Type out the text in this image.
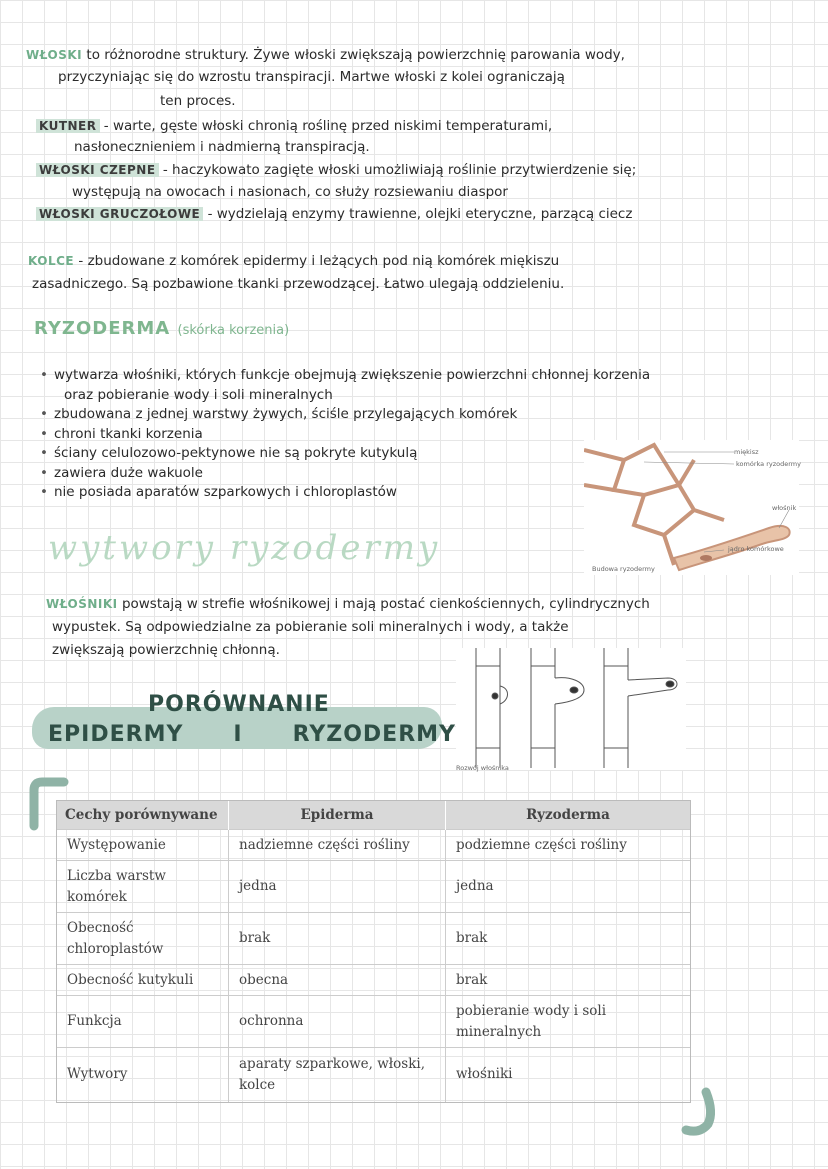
WŁOSKI to różnorodne struktury. Żywe włoski zwiększają powierzchnię parowania wody,
przyczyniając się do wzrostu transpiracji. Martwe włoski z kolei ograniczają
ten proces.
KUTNER - warte, gęste włoski chronią roślinę przed niskimi temperaturami,
nasłonecznieniem i nadmierną transpiracją.
WŁOSKI CZEPNE - haczykowato zagięte włoski umożliwiają roślinie przytwierdzenie się;
występują na owocach i nasionach, co służy rozsiewaniu diaspor
WŁOSKI GRUCZOŁOWE - wydzielają enzymy trawienne, olejki eteryczne, parzącą ciecz
KOLCE - zbudowane z komórek epidermy i leżących pod nią komórek miękiszu
zasadniczego. Są pozbawione tkanki przewodzącej. Łatwo ulegają oddzieleniu.
RYZODERMA (skórka korzenia)
• wytwarza włośniki, których funkcje obejmują zwiększenie powierzchni chłonnej korzenia
oraz pobieranie wody i soli mineralnych
• zbudowana z jednej warstwy żywych, ściśle przylegających komórek
• chroni tkanki korzenia
• ściany celulozowo-pektynowe nie są pokryte kutykulą
• zawiera duże wakuole
• nie posiada aparatów szparkowych i chloroplastów
miękisz
komórka ryzodermy
włośnik
jądro komórkowe
Budowa ryzodermy
wytwory ryzodermy
WŁOŚNIKI powstają w strefie włośnikowej i mają postać cienkościennych, cylindrycznych
wypustek. Są odpowiedzialne za pobieranie soli mineralnych i wody, a także
zwiększają powierzchnię chłonną.
Rozwój włośnika
PORÓWNANIE
EPIDERMY I RYZODERMY
Cechy porównywane	Epiderma	Ryzoderma
Występowanie	nadziemne części rośliny	podziemne części rośliny
Liczba warstw komórek	jedna	jedna
Obecność chloroplastów	brak	brak
Obecność kutykuli	obecna	brak
Funkcja	ochronna	pobieranie wody i soli mineralnych
Wytwory	aparaty szparkowe, włoski, kolce	włośniki
